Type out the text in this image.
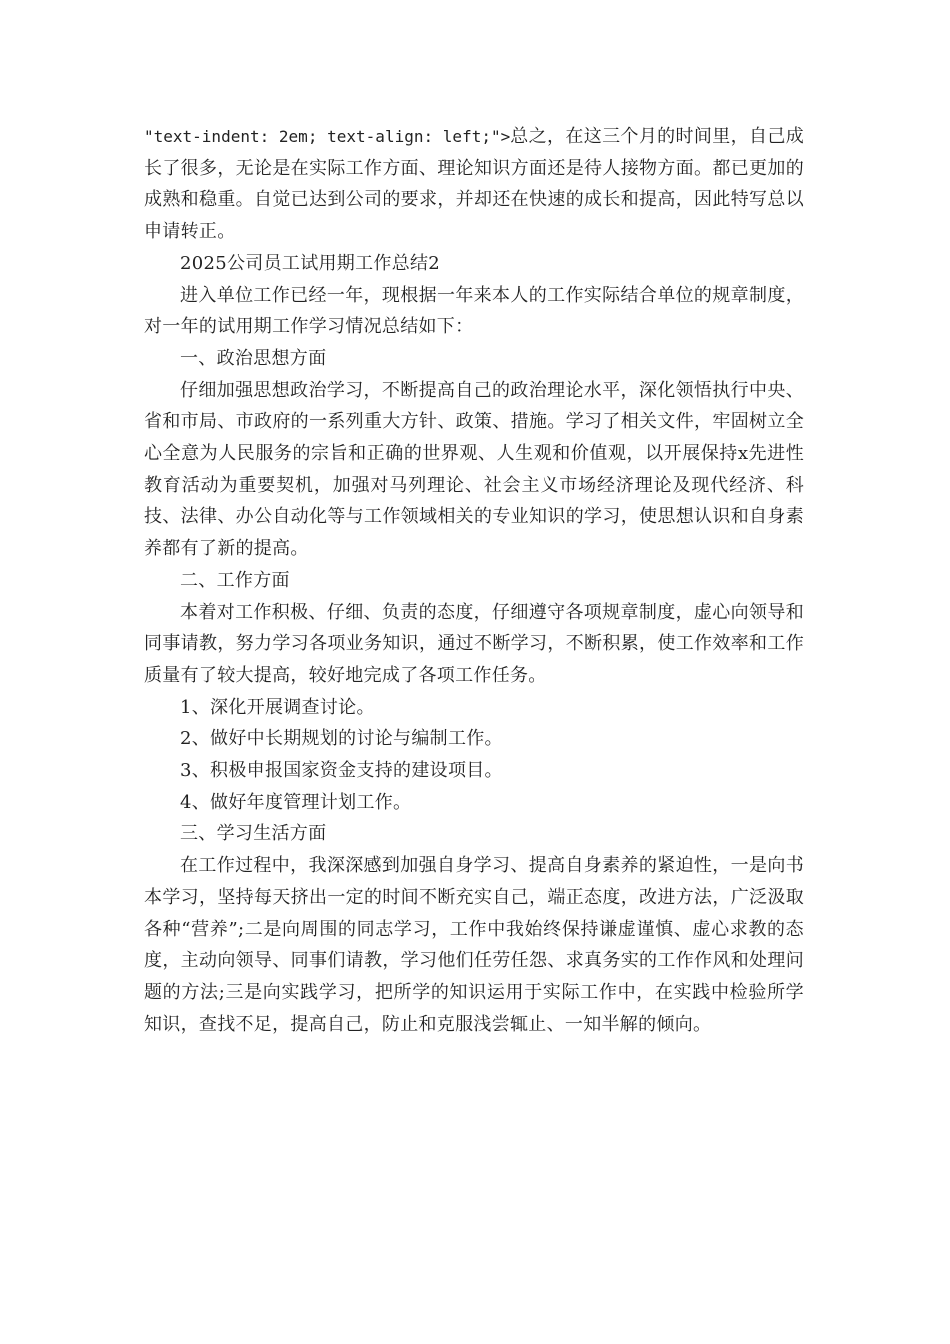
"text-indent: 2em; text-align: left;">总之，在这三个月的时间里，自己成长了很多，无论是在实际工作方面、理论知识方面还是待人接物方面。都已更加的成熟和稳重。自觉已达到公司的要求，并却还在快速的成长和提高，因此特写总以申请转正。

2025公司员工试用期工作总结2

进入单位工作已经一年，现根据一年来本人的工作实际结合单位的规章制度，对一年的试用期工作学习情况总结如下：

一、政治思想方面

仔细加强思想政治学习，不断提高自己的政治理论水平，深化领悟执行中央、省和市局、市政府的一系列重大方针、政策、措施。学习了相关文件，牢固树立全心全意为人民服务的宗旨和正确的世界观、人生观和价值观，以开展保持x先进性教育活动为重要契机，加强对马列理论、社会主义市场经济理论及现代经济、科技、法律、办公自动化等与工作领域相关的专业知识的学习，使思想认识和自身素养都有了新的提高。

二、工作方面

本着对工作积极、仔细、负责的态度，仔细遵守各项规章制度，虚心向领导和同事请教，努力学习各项业务知识，通过不断学习，不断积累，使工作效率和工作质量有了较大提高，较好地完成了各项工作任务。

1、深化开展调查讨论。

2、做好中长期规划的讨论与编制工作。

3、积极申报国家资金支持的建设项目。

4、做好年度管理计划工作。

三、学习生活方面

在工作过程中，我深深感到加强自身学习、提高自身素养的紧迫性，一是向书本学习，坚持每天挤出一定的时间不断充实自己，端正态度，改进方法，广泛汲取各种“营养”;二是向周围的同志学习，工作中我始终保持谦虚谨慎、虚心求教的态度，主动向领导、同事们请教，学习他们任劳任怨、求真务实的工作作风和处理问题的方法;三是向实践学习，把所学的知识运用于实际工作中，在实践中检验所学知识，查找不足，提高自己，防止和克服浅尝辄止、一知半解的倾向。
